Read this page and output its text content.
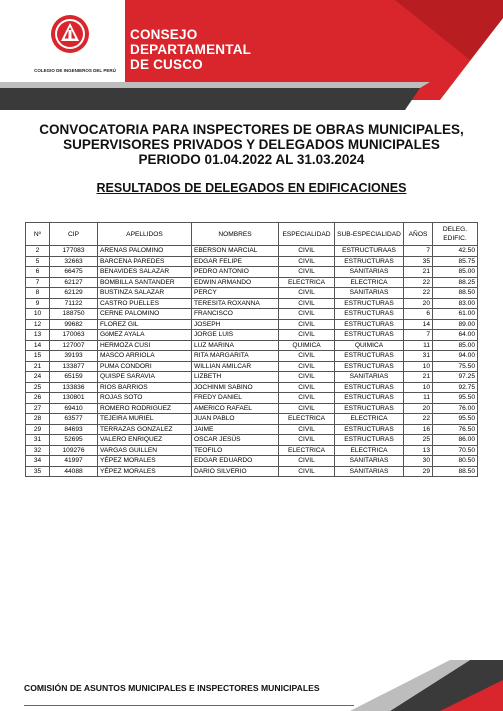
COLEGIO DE INGENIEROS DEL PERÚ
CONSEJO
DEPARTAMENTAL
DE CUSCO
CONVOCATORIA PARA INSPECTORES DE OBRAS MUNICIPALES,
SUPERVISORES PRIVADOS Y DELEGADOS MUNICIPALES
PERIODO 01.04.2022 AL 31.03.2024
RESULTADOS DE DELEGADOS EN EDIFICACIONES
Nº	CIP	APELLIDOS	NOMBRES	ESPECIALIDAD	SUB-ESPECIALIDAD	AÑOS	DELEG. EDIFIC.
2	177083	ARENAS PALOMINO	EBERSON MARCIAL	CIVIL	ESTRUCTURAAS	7	42.50
5	32663	BARCENA PAREDES	EDGAR FELIPE	CIVIL	ESTRUCTURAS	35	85.75
6	66475	BENAVIDES SALAZAR	PEDRO ANTONIO	CIVIL	SANITARIAS	21	85.00
7	62127	BOMBILLA SANTANDER	EDWIN ARMANDO	ELECTRICA	ELECTRICA	22	88.25
8	62129	BUSTINZA SALAZAR	PERCY	CIVIL	SANITARIAS	22	88.50
9	71122	CASTRO PUELLES	TERESITA ROXANNA	CIVIL	ESTRUCTURAS	20	83.00
10	188750	CERNE PALOMINO	FRANCISCO	CIVIL	ESTRUCTURAS	6	61.00
12	99682	FLOREZ GIL	JOSEPH	CIVIL	ESTRUCTURAS	14	89.00
13	170063	GóMEZ AYALA	JORGE LUIS	CIVIL	ESTRUCTURAS	7	64.00
14	127007	HERMOZA CUSI	LUZ MARINA	QUIMICA	QUIMICA	11	85.00
15	39193	MASCO ARRIOLA	RITA MARGARITA	CIVIL	ESTRUCTURAS	31	94.00
21	133877	PUMA CONDORI	WILLIAN AMILCAR	CIVIL	ESTRUCTURAS	10	75.50
24	65159	QUISPE SARAVIA	LIZBETH	CIVIL	SANITARIAS	21	97.25
25	133836	RIOS BARRIOS	JOCHINMI SABINO	CIVIL	ESTRUCTURAS	10	92.75
26	130801	ROJAS SOTO	FREDY DANIEL	CIVIL	ESTRUCTURAS	11	95.50
27	69410	ROMERO RODRIGUEZ	AMERICO RAFAEL	CIVIL	ESTRUCTURAS	20	76.00
28	63577	TEJEIRA MURIEL	JUAN PABLO	ELECTRICA	ELECTRICA	22	95.50
29	84693	TERRAZAS GONZALEZ	JAIME	CIVIL	ESTRUCTURAS	16	76.50
31	52695	VALERO ENRIQUEZ	OSCAR JESÚS	CIVIL	ESTRUCTURAS	25	86.00
32	109276	VARGAS GUILLEN	TEOFILO	ELECTRICA	ELECTRICA	13	70.50
34	41997	YÉPEZ MORALES	EDGAR EDUARDO	CIVIL	SANITARIAS	30	80.50
35	44088	YÉPEZ MORALES	DARIO SILVERIO	CIVIL	SANITARIAS	29	88.50
COMISIÓN DE ASUNTOS MUNICIPALES E INSPECTORES MUNICIPALES
